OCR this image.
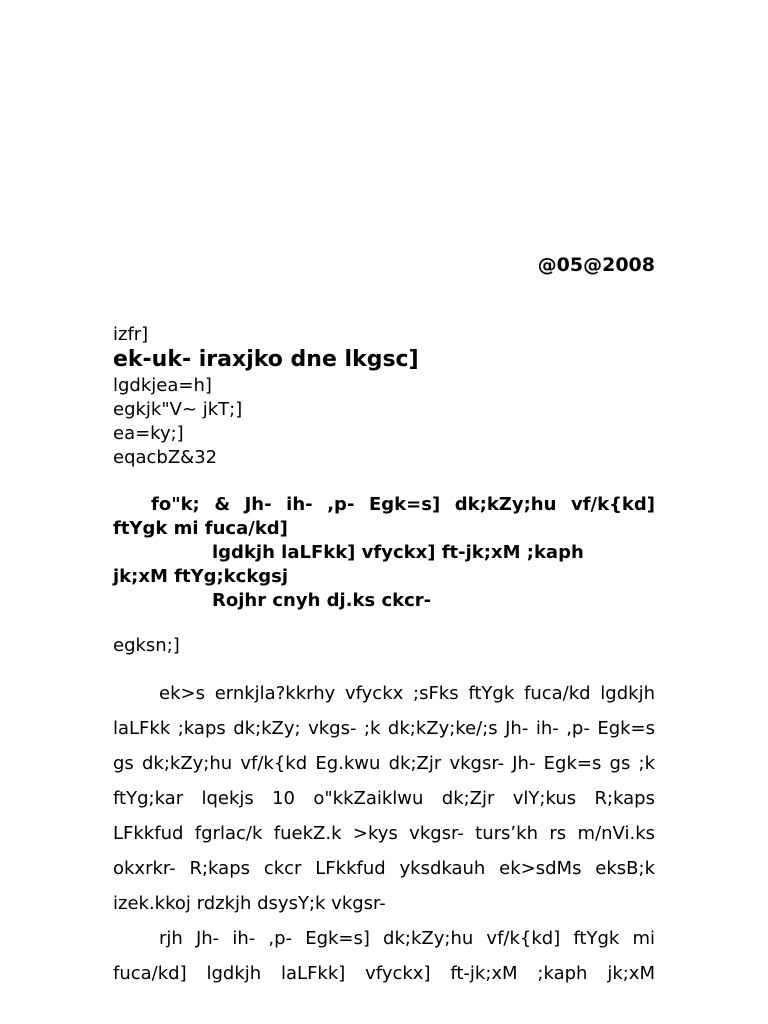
@05@2008
izfr]
ek-uk- iraxjko dne lkgsc]
lgdkjea=h]
egkjk"V~ jkT;]
ea=ky;]
eqacbZ&32
fo"k; & Jh- ih- ,p- Egk=s] dk;kZy;hu vf/k{kd]
ftYgk mi fuca/kd]
lgdkjh laLFkk] vfyckx] ft-jk;xM ;kaph
jk;xM ftYg;kckgsj
Rojhr cnyh dj.ks ckcr-
egksn;]
ek>s ernkjla?kkrhy vfyckx ;sFks ftYgk fuca/kd lgdkjh laLFkk ;kaps dk;kZy; vkgs- ;k dk;kZy;ke/;s Jh- ih- ,p- Egk=s gs dk;kZy;hu vf/k{kd Eg.kwu dk;Zjr vkgsr- Jh- Egk=s gs ;k ftYg;kar lqekjs 10 o"kkZaiklwu dk;Zjr vlY;kus R;kaps LFkkfud fgrlac/k fuekZ.k >kys vkgsr- turs’kh rs m/nVi.ks okxrkr- R;kaps ckcr LFkkfud yksdkauh ek>sdMs eksB;k izek.kkoj rdzkjh dsysY;k vkgsr-
rjh Jh- ih- ,p- Egk=s] dk;kZy;hu vf/k{kd] ftYgk mi fuca/kd] lgdkjh laLFkk] vfyckx] ft-jk;xM ;kaph jk;xM
